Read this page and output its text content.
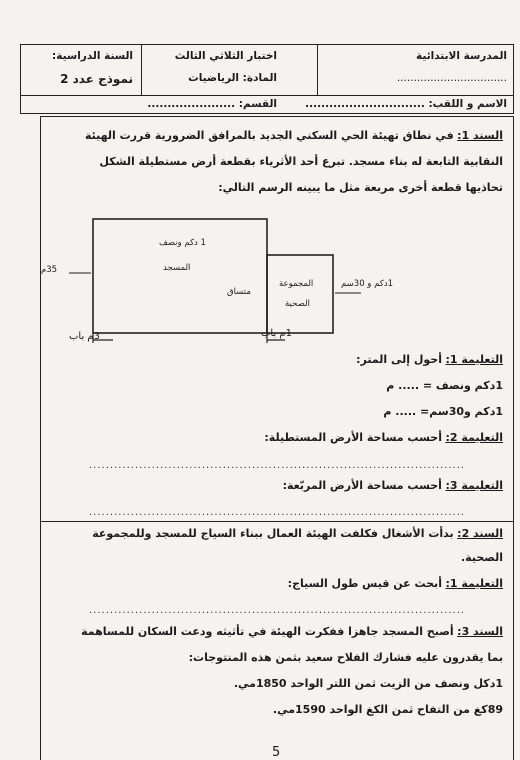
المدرسة الابتدائية
.................................
اختبار الثلاثي الثالث
المادة: الرياضيات
السنة الدراسية:
نموذج عدد 2
الاسم و اللقب: ..............................
القسم: ......................
السند 1: في نطاق تهيئة الحي السكني الجديد بالمرافق الضرورية قررت الهيئة
النقابية التابعة له بناء مسجد. تبرع أحد الأثرياء بقطعة أرض مستطيلة الشكل
تحاذيها قطعة أخرى مربعة مثل ما يبينه الرسم التالي:
1 دكم ونصف
المسجد
35م
متساق
المجموعة
الصحية
1دكم و 30سم
3م باب	1م باب
التعليمة 1: أحول إلى المتر:
1دكم ونصف = ..... م
1دكم و30سم= ..... م
التعليمة 2: أحسب مساحة الأرض المستطيلة:
..........................................................................................
التعليمة 3: أحسب مساحة الأرض المربّعة:
..........................................................................................
السند 2: بدأت الأشغال فكلفت الهيئة العمال ببناء السياج للمسجد وللمجموعة
الصحية.
التعليمة 1: أبحث عن قيس طول السياج:
..........................................................................................
السند 3: أصبح المسجد جاهزا ففكرت الهيئة في تأثيثه ودعت السكان للمساهمة
بما يقدرون عليه فشارك الفلاح سعيد بثمن هذه المنتوجات:
1دكل ونصف من الزيت ثمن اللتر الواحد 1850مي.
89كغ من التفاح ثمن الكغ الواحد 1590مي.
5
